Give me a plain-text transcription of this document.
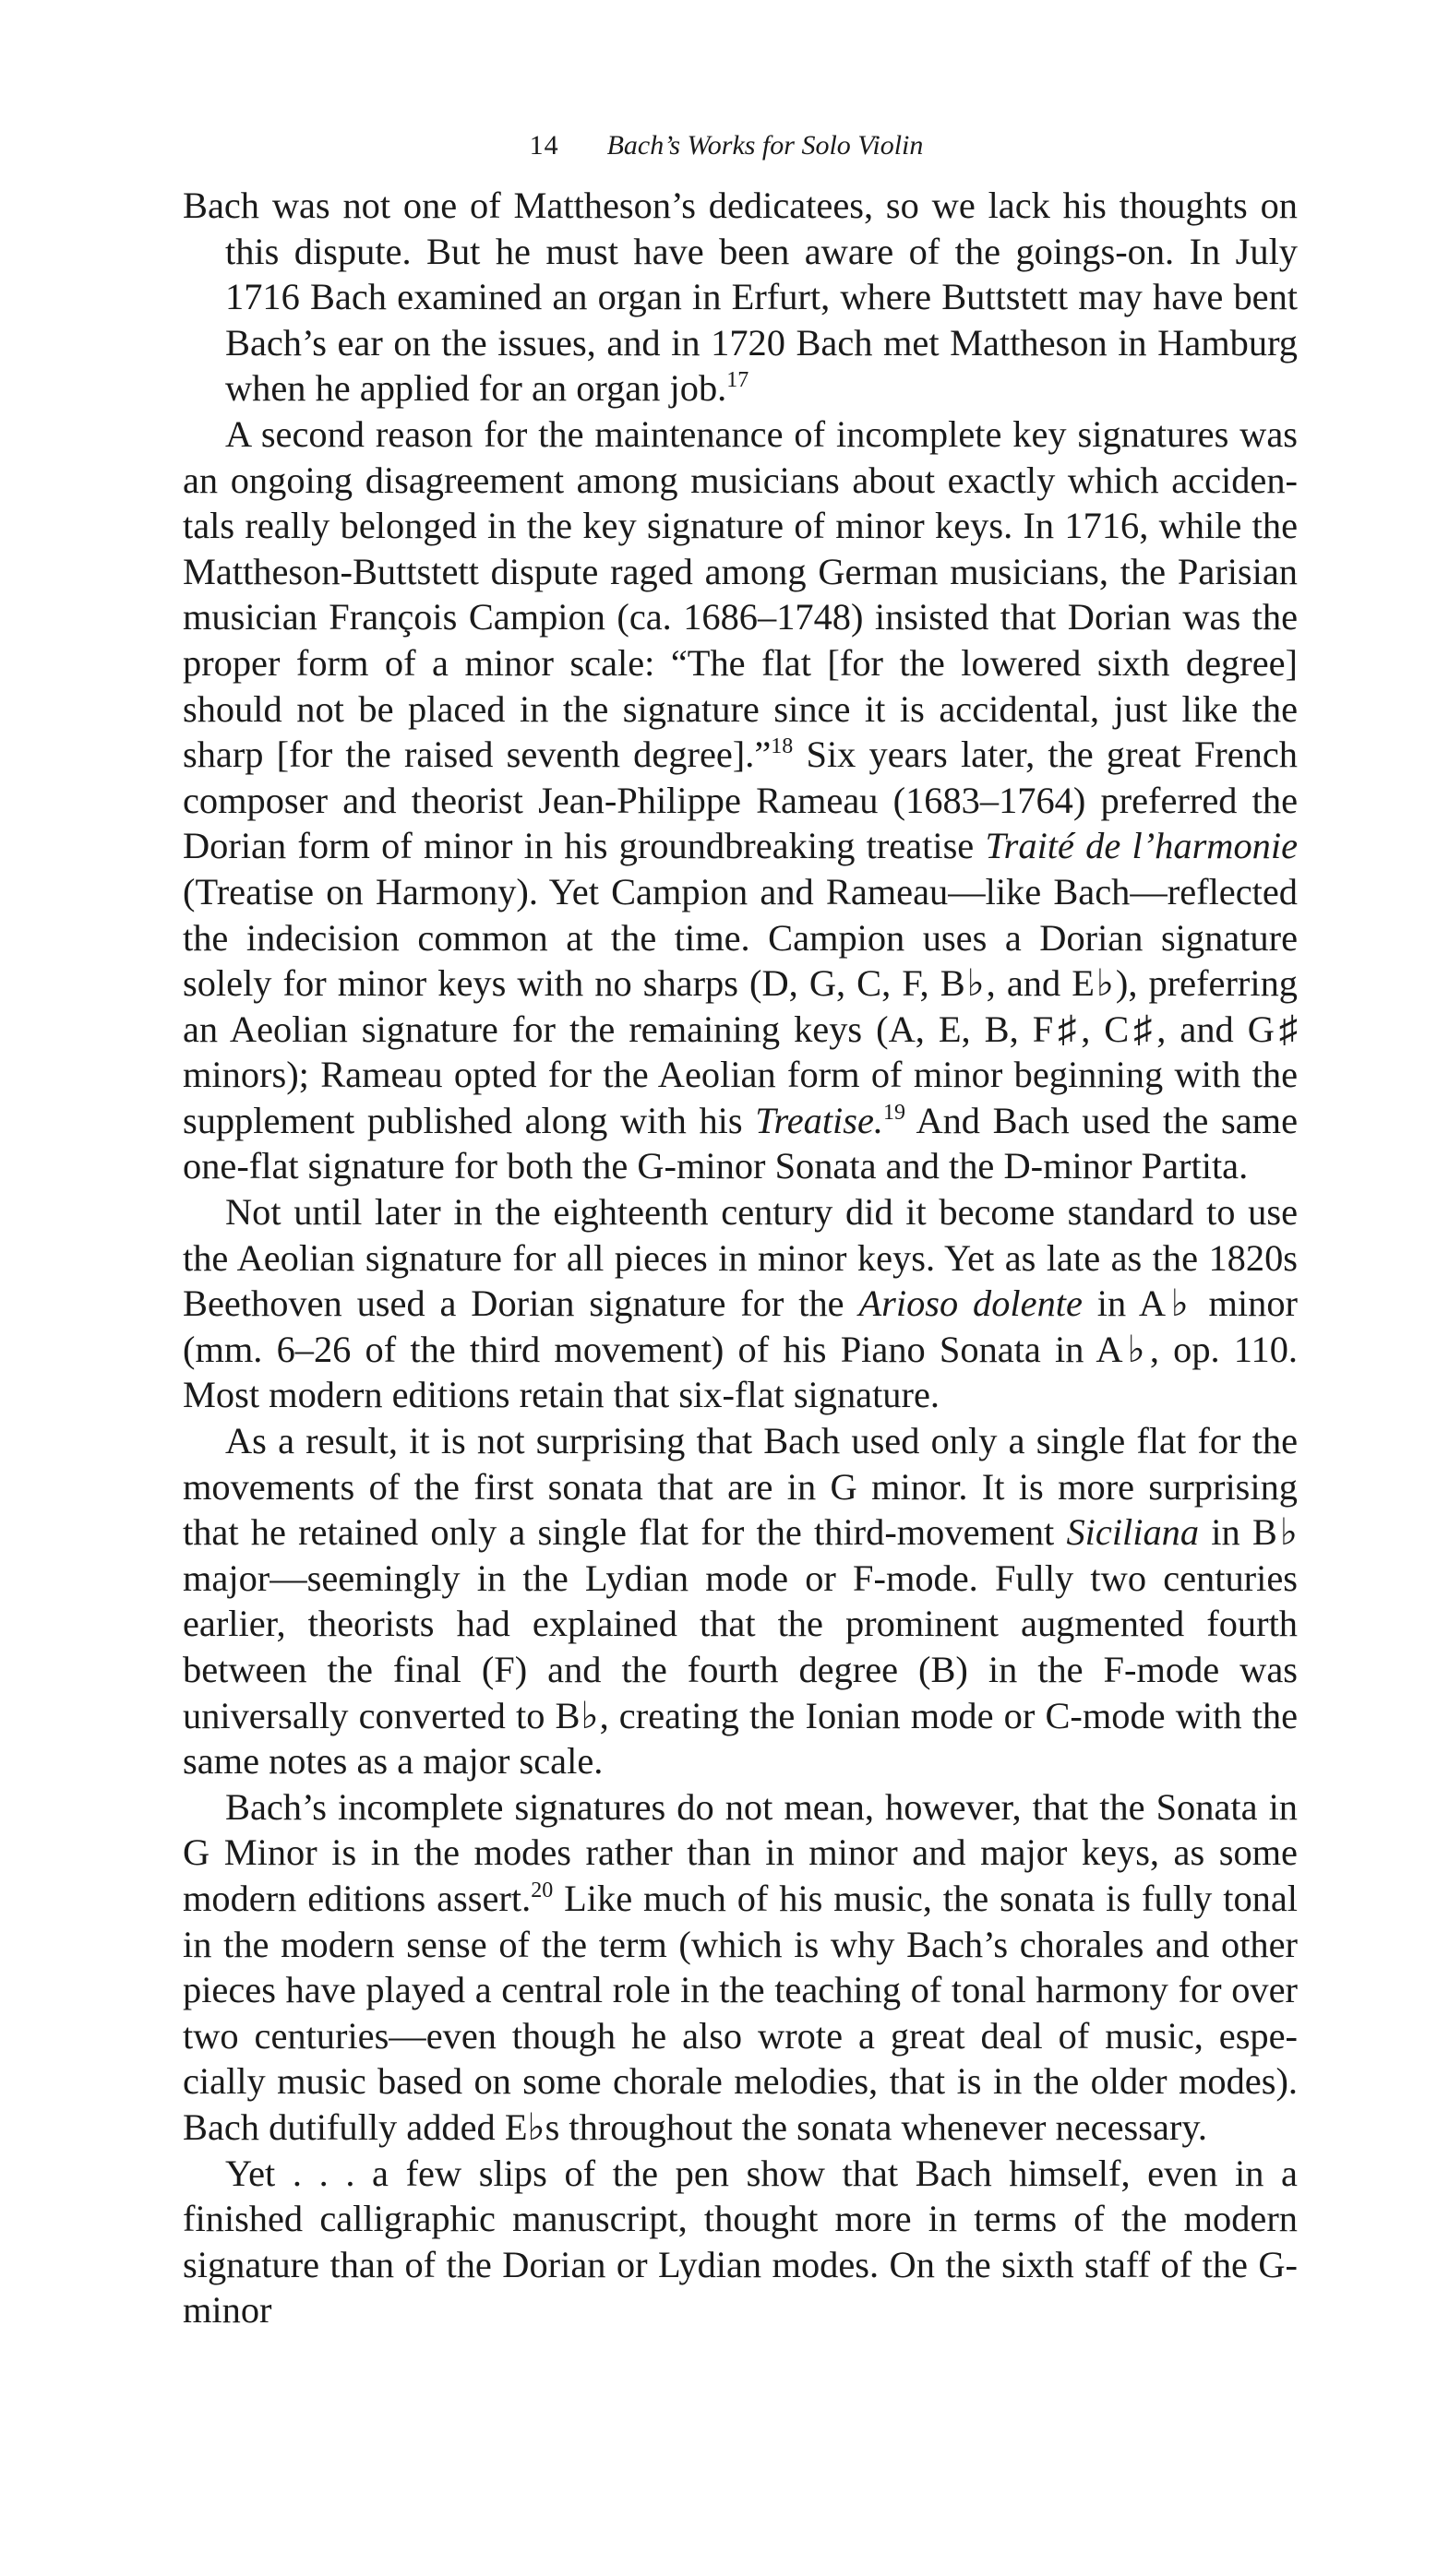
14 Bach’s Works for Solo Violin

Bach was not one of Mattheson’s dedicatees, so we lack his thoughts on this dispute. But he must have been aware of the goings-on. In July 1716 Bach examined an organ in Erfurt, where Buttstett may have bent Bach’s ear on the issues, and in 1720 Bach met Mattheson in Hamburg when he applied for an organ job.$^{17}$

A second reason for the maintenance of incomplete key signatures was an ongoing disagreement among musicians about exactly which accidentals really belonged in the key signature of minor keys. In 1716, while the Mattheson-Buttstett dispute raged among German musicians, the Parisian musician François Campion (ca. 1686–1748) insisted that Dorian was the proper form of a minor scale: “The flat [for the lowered sixth degree] should not be placed in the signature since it is accidental, just like the sharp [for the raised seventh degree].”$^{18}$ Six years later, the great French composer and theorist Jean-Philippe Rameau (1683–1764) preferred the Dorian form of minor in his groundbreaking treatise Traité de l’harmonie (Treatise on Harmony). Yet Campion and Rameau—like Bach—reflected the indecision common at the time. Campion uses a Dorian signature solely for minor keys with no sharps (D, G, C, F, B♭, and E♭), preferring an Aeolian signature for the remaining keys (A, E, B, F♯, C♯, and G♯ minors); Rameau opted for the Aeolian form of minor beginning with the supplement published along with his Treatise.$^{19}$ And Bach used the same one-flat signature for both the G-minor Sonata and the D-minor Partita.

Not until later in the eighteenth century did it become standard to use the Aeolian signature for all pieces in minor keys. Yet as late as the 1820s Beethoven used a Dorian signature for the Arioso dolente in A♭ minor (mm. 6–26 of the third movement) of his Piano Sonata in A♭, op. 110. Most modern editions retain that six-flat signature.

As a result, it is not surprising that Bach used only a single flat for the movements of the first sonata that are in G minor. It is more surprising that he retained only a single flat for the third-movement Siciliana in B♭ major—seemingly in the Lydian mode or F-mode. Fully two centuries earlier, theorists had explained that the prominent augmented fourth between the final (F) and the fourth degree (B) in the F-mode was universally converted to B♭, creating the Ionian mode or C-mode with the same notes as a major scale.

Bach’s incomplete signatures do not mean, however, that the Sonata in G Minor is in the modes rather than in minor and major keys, as some modern editions assert.$^{20}$ Like much of his music, the sonata is fully tonal in the modern sense of the term (which is why Bach’s chorales and other pieces have played a central role in the teaching of tonal harmony for over two centuries—even though he also wrote a great deal of music, especially music based on some chorale melodies, that is in the older modes). Bach dutifully added E♭s throughout the sonata whenever necessary.

Yet . . . a few slips of the pen show that Bach himself, even in a finished calligraphic manuscript, thought more in terms of the modern signature than of the Dorian or Lydian modes. On the sixth staff of the G-minor
